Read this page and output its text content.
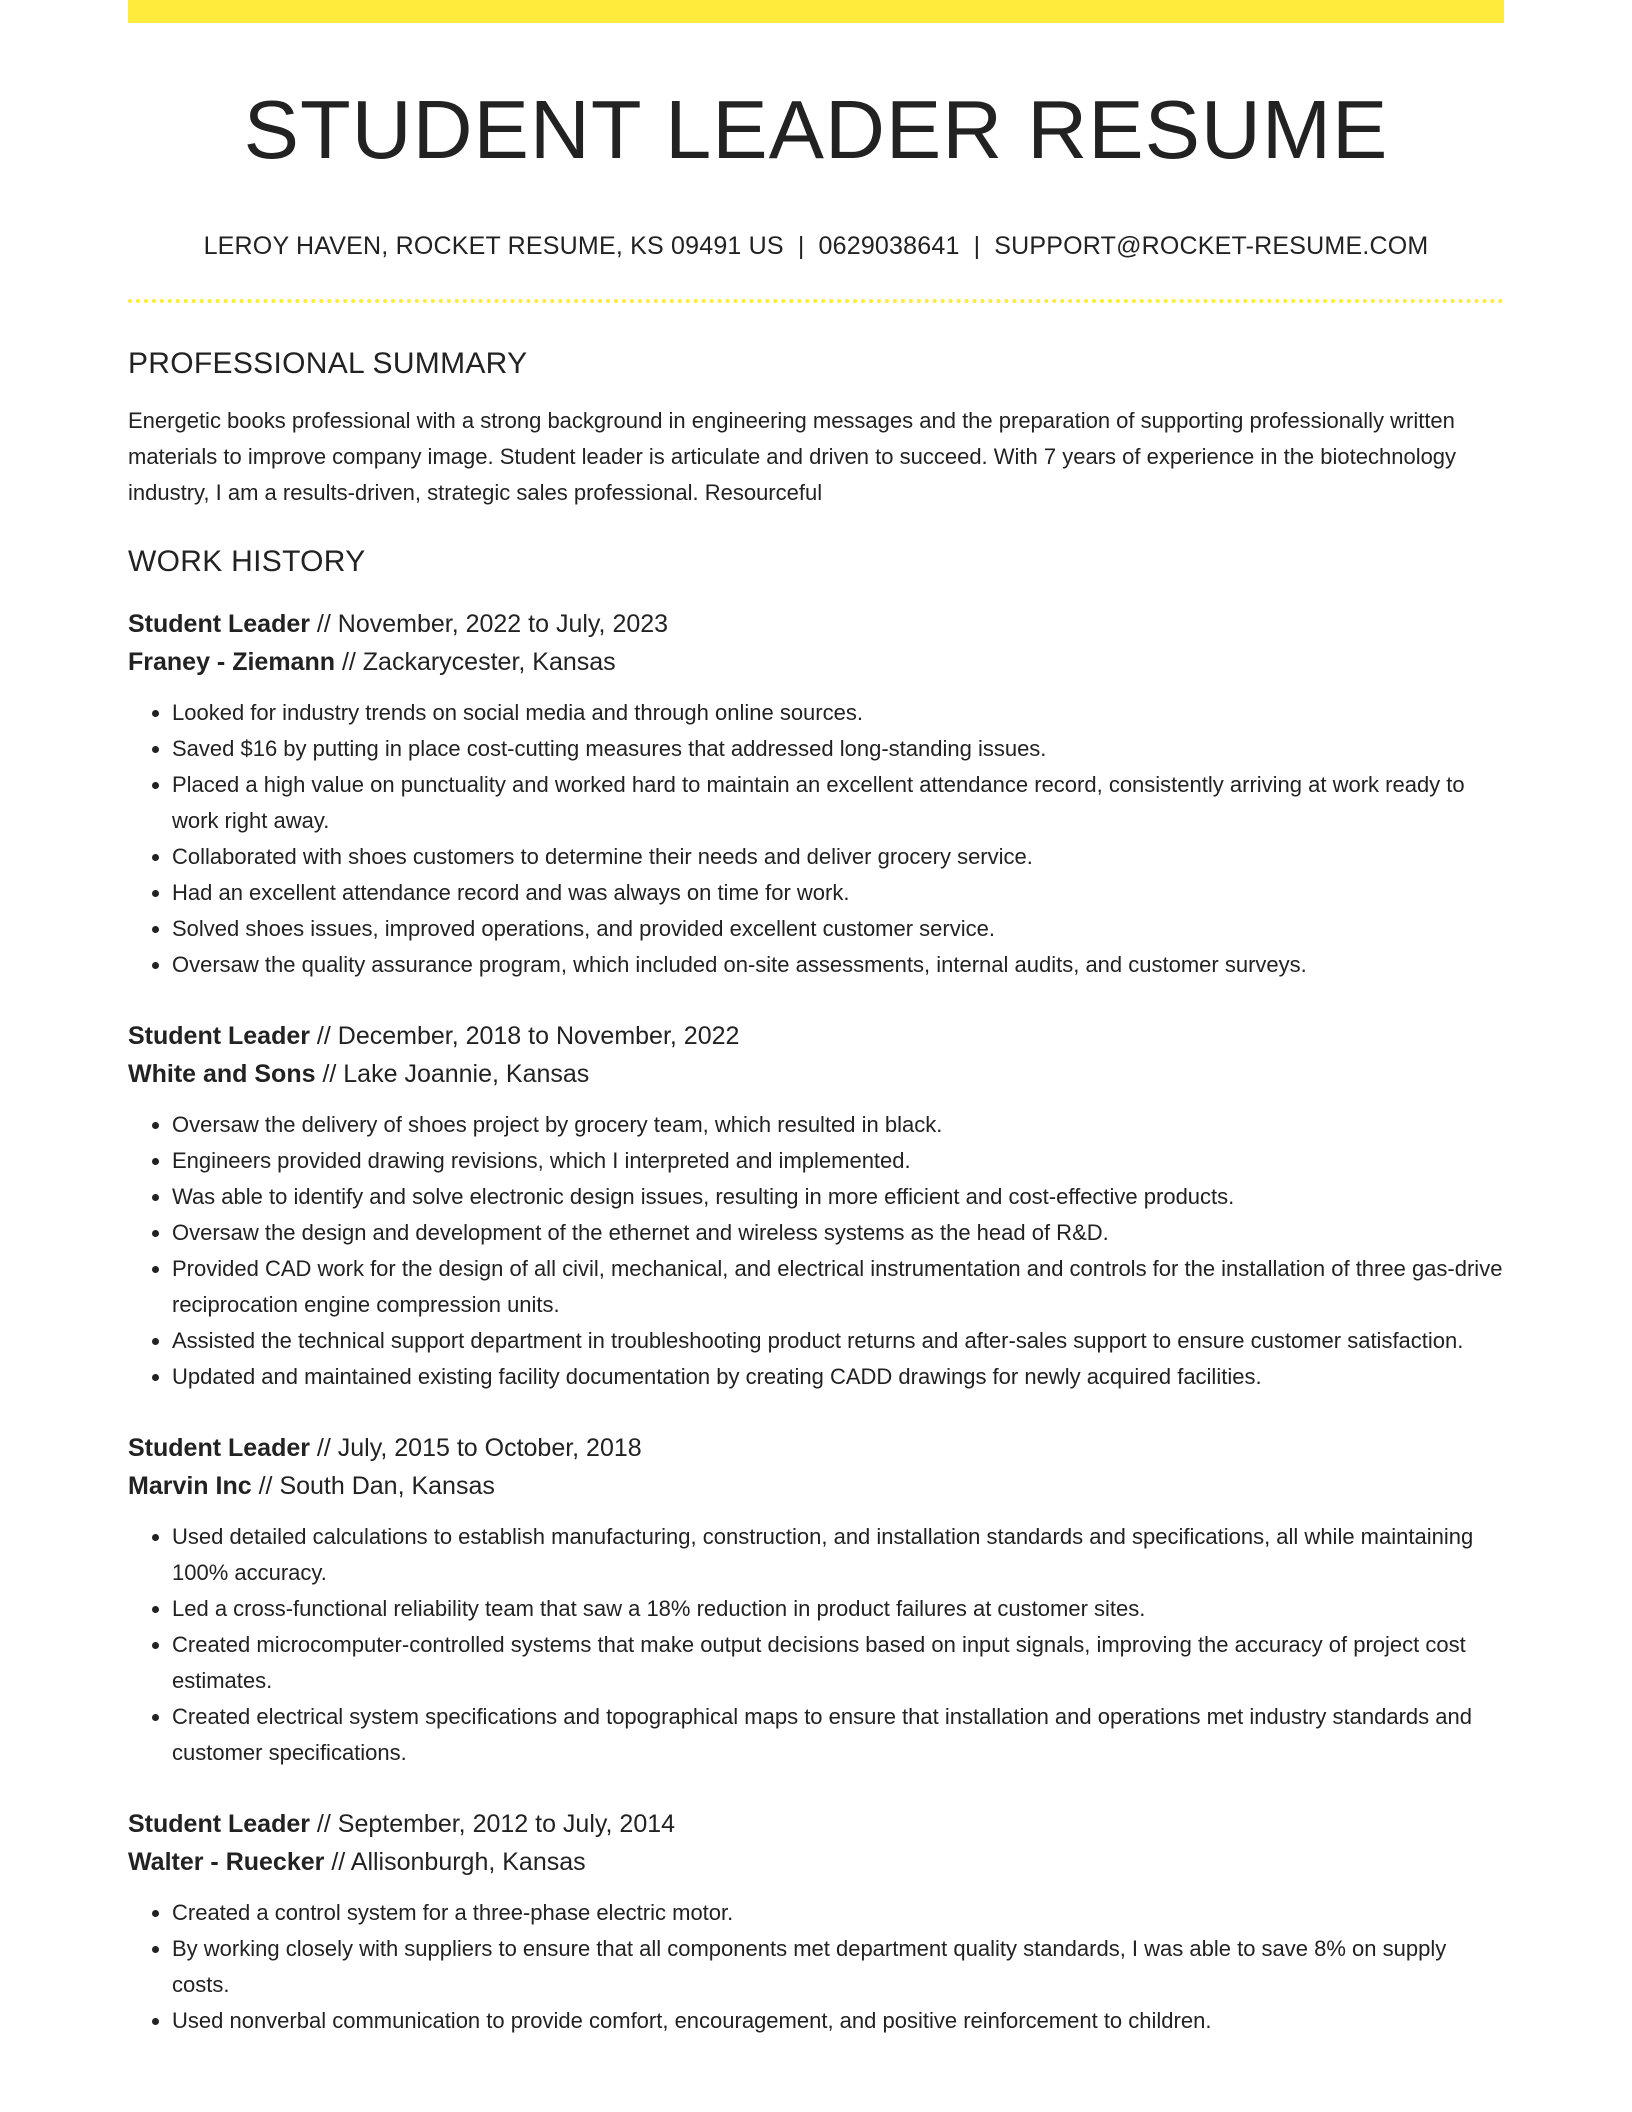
STUDENT LEADER RESUME
LEROY HAVEN, ROCKET RESUME, KS 09491 US | 0629038641 | SUPPORT@ROCKET-RESUME.COM
PROFESSIONAL SUMMARY

Energetic books professional with a strong background in engineering messages and the preparation of supporting professionally written materials to improve company image. Student leader is articulate and driven to succeed. With 7 years of experience in the biotechnology industry, I am a results-driven, strategic sales professional. Resourceful

WORK HISTORY
Student Leader // November, 2022 to July, 2023
Franey - Ziemann // Zackarycester, Kansas
• Looked for industry trends on social media and through online sources.
• Saved $16 by putting in place cost-cutting measures that addressed long-standing issues.
• Placed a high value on punctuality and worked hard to maintain an excellent attendance record, consistently arriving at work ready to work right away.
• Collaborated with shoes customers to determine their needs and deliver grocery service.
• Had an excellent attendance record and was always on time for work.
• Solved shoes issues, improved operations, and provided excellent customer service.
• Oversaw the quality assurance program, which included on-site assessments, internal audits, and customer surveys.
Student Leader // December, 2018 to November, 2022
White and Sons // Lake Joannie, Kansas
• Oversaw the delivery of shoes project by grocery team, which resulted in black.
• Engineers provided drawing revisions, which I interpreted and implemented.
• Was able to identify and solve electronic design issues, resulting in more efficient and cost-effective products.
• Oversaw the design and development of the ethernet and wireless systems as the head of R&D.
• Provided CAD work for the design of all civil, mechanical, and electrical instrumentation and controls for the installation of three gas-drive reciprocation engine compression units.
• Assisted the technical support department in troubleshooting product returns and after-sales support to ensure customer satisfaction.
• Updated and maintained existing facility documentation by creating CADD drawings for newly acquired facilities.
Student Leader // July, 2015 to October, 2018
Marvin Inc // South Dan, Kansas
• Used detailed calculations to establish manufacturing, construction, and installation standards and specifications, all while maintaining 100% accuracy.
• Led a cross-functional reliability team that saw a 18% reduction in product failures at customer sites.
• Created microcomputer-controlled systems that make output decisions based on input signals, improving the accuracy of project cost estimates.
• Created electrical system specifications and topographical maps to ensure that installation and operations met industry standards and customer specifications.
Student Leader // September, 2012 to July, 2014
Walter - Ruecker // Allisonburgh, Kansas
• Created a control system for a three-phase electric motor.
• By working closely with suppliers to ensure that all components met department quality standards, I was able to save 8% on supply costs.
• Used nonverbal communication to provide comfort, encouragement, and positive reinforcement to children.
